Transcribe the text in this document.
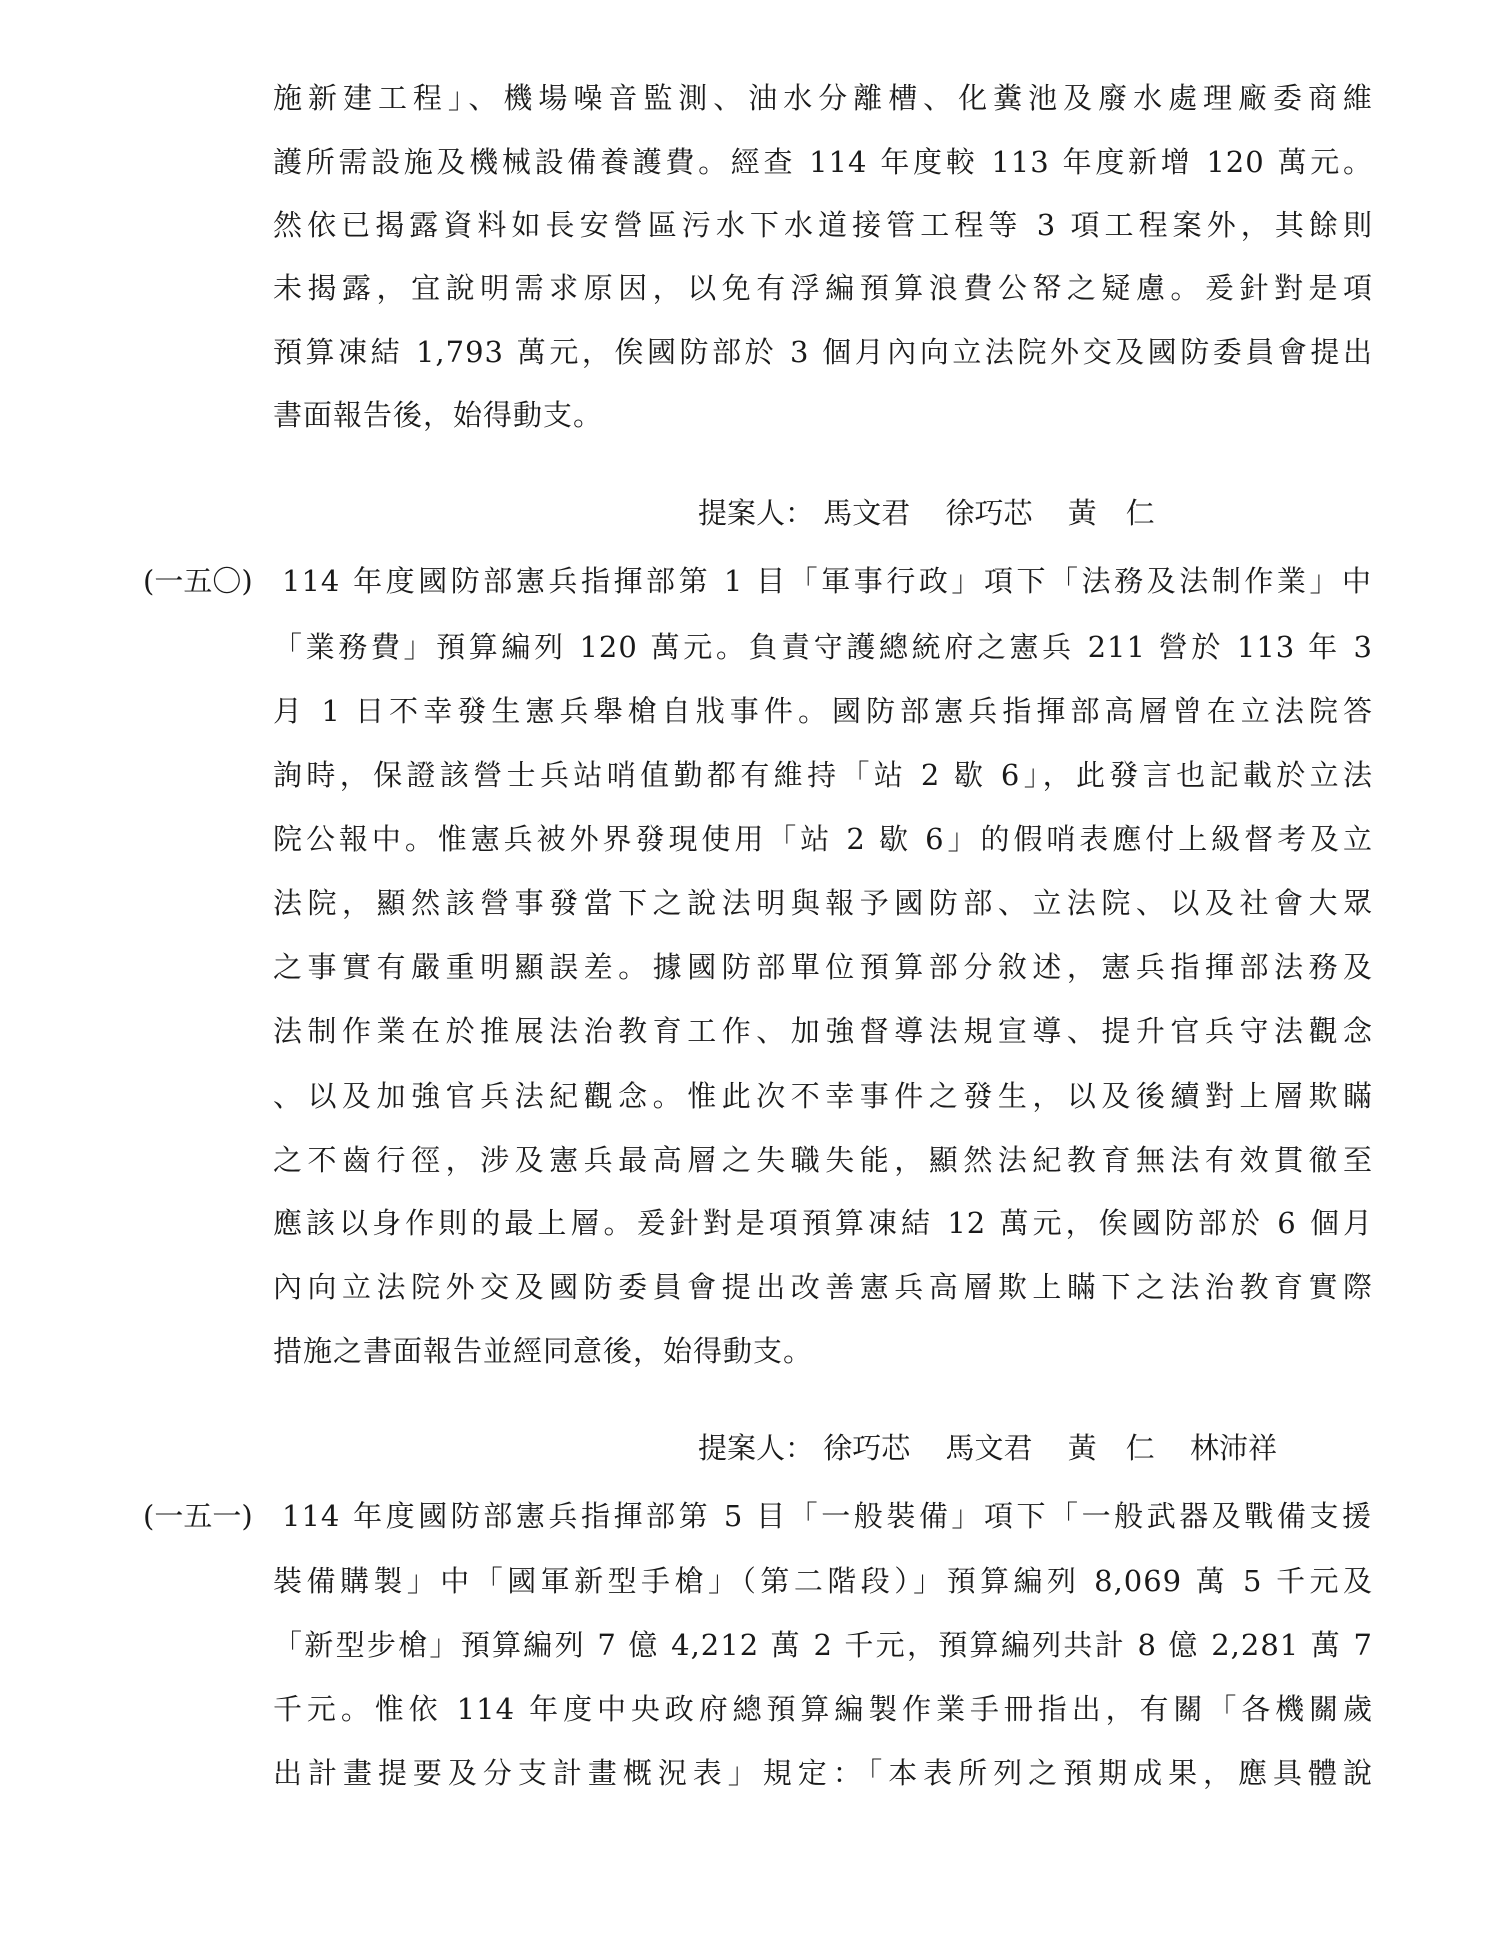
施新建工程」、機場噪音監測、油水分離槽、化糞池及廢水處理廠委商維
護所需設施及機械設備養護費。經查 114 年度較 113 年度新增 120 萬元。
然依已揭露資料如長安營區污水下水道接管工程等 3 項工程案外，其餘則
未揭露，宜說明需求原因，以免有浮編預算浪費公帑之疑慮。爰針對是項
預算凍結 1,793 萬元，俟國防部於 3 個月內向立法院外交及國防委員會提出
書面報告後，始得動支。
提案人： 馬文君 徐巧芯 黃　仁
(一五〇) 114 年度國防部憲兵指揮部第 1 目「軍事行政」項下「法務及法制作業」中
「業務費」預算編列 120 萬元。負責守護總統府之憲兵 211 營於 113 年 3
月 1 日不幸發生憲兵舉槍自戕事件。國防部憲兵指揮部高層曾在立法院答
詢時，保證該營士兵站哨值勤都有維持「站 2 歇 6」，此發言也記載於立法
院公報中。惟憲兵被外界發現使用「站 2 歇 6」的假哨表應付上級督考及立
法院，顯然該營事發當下之說法明與報予國防部、立法院、以及社會大眾
之事實有嚴重明顯誤差。據國防部單位預算部分敘述，憲兵指揮部法務及
法制作業在於推展法治教育工作、加強督導法規宣導、提升官兵守法觀念
、以及加強官兵法紀觀念。惟此次不幸事件之發生，以及後續對上層欺瞞
之不齒行徑，涉及憲兵最高層之失職失能，顯然法紀教育無法有效貫徹至
應該以身作則的最上層。爰針對是項預算凍結 12 萬元，俟國防部於 6 個月
內向立法院外交及國防委員會提出改善憲兵高層欺上瞞下之法治教育實際
措施之書面報告並經同意後，始得動支。
提案人： 徐巧芯 馬文君 黃　仁 林沛祥
(一五一) 114 年度國防部憲兵指揮部第 5 目「一般裝備」項下「一般武器及戰備支援
裝備購製」中「國軍新型手槍」（第二階段）」預算編列 8,069 萬 5 千元及
「新型步槍」預算編列 7 億 4,212 萬 2 千元，預算編列共計 8 億 2,281 萬 7
千元。惟依 114 年度中央政府總預算編製作業手冊指出，有關「各機關歲
出計畫提要及分支計畫概況表」規定：「本表所列之預期成果，應具體說
